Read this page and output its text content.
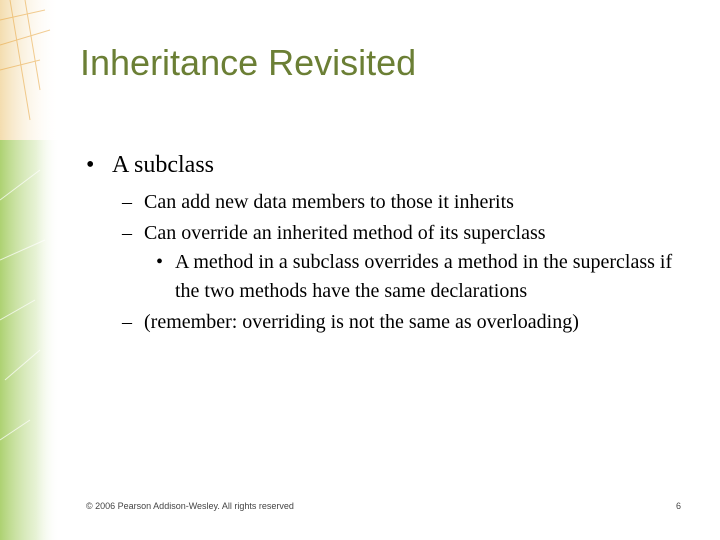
Inheritance Revisited
• A subclass
– Can add new data members to those it inherits
– Can override an inherited method of its superclass
• A method in a subclass overrides a method in the superclass if the two methods have the same declarations
– (remember: overriding is not the same as overloading)
© 2006 Pearson Addison-Wesley. All rights reserved	6
